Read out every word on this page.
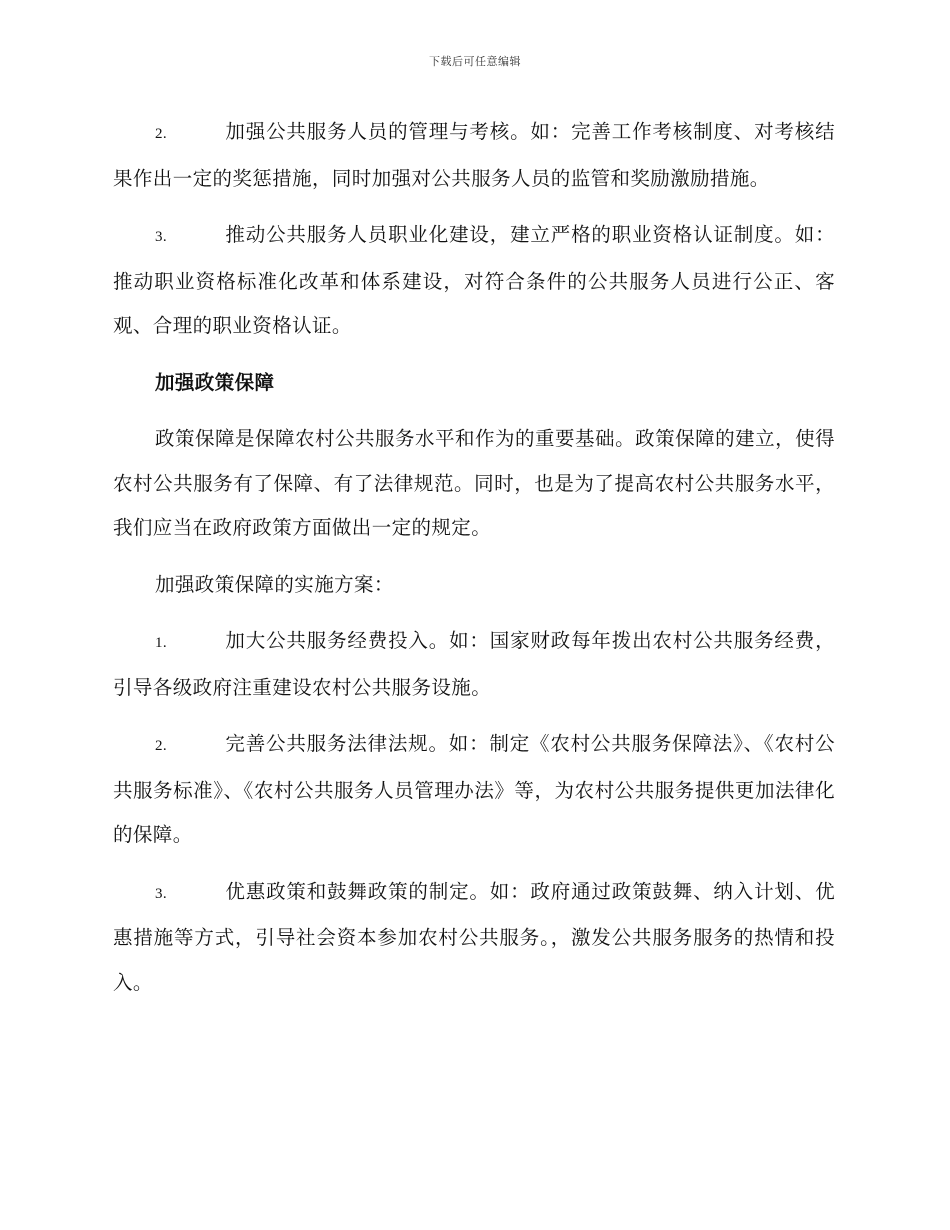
下载后可任意编辑

2.	加强公共服务人员的管理与考核。如：完善工作考核制度、对考核结果作出一定的奖惩措施，同时加强对公共服务人员的监管和奖励激励措施。

3.	推动公共服务人员职业化建设，建立严格的职业资格认证制度。如：推动职业资格标准化改革和体系建设，对符合条件的公共服务人员进行公正、客观、合理的职业资格认证。

加强政策保障

政策保障是保障农村公共服务水平和作为的重要基础。政策保障的建立，使得农村公共服务有了保障、有了法律规范。同时，也是为了提高农村公共服务水平，我们应当在政府政策方面做出一定的规定。

加强政策保障的实施方案：

1.	加大公共服务经费投入。如：国家财政每年拨出农村公共服务经费，引导各级政府注重建设农村公共服务设施。

2.	完善公共服务法律法规。如：制定《农村公共服务保障法》、《农村公共服务标准》、《农村公共服务人员管理办法》等，为农村公共服务提供更加法律化的保障。

3.	优惠政策和鼓舞政策的制定。如：政府通过政策鼓舞、纳入计划、优惠措施等方式，引导社会资本参加农村公共服务。，激发公共服务服务的热情和投入。
